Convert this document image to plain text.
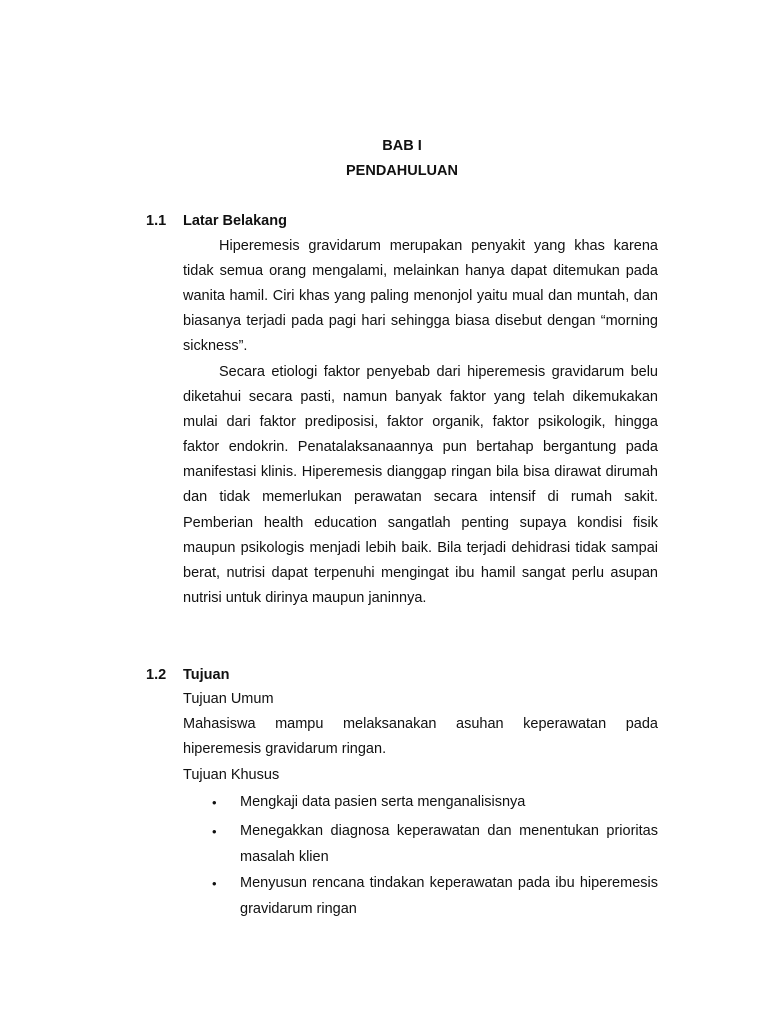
BAB I
PENDAHULUAN
1.1 Latar Belakang

Hiperemesis gravidarum merupakan penyakit yang khas karena tidak semua orang mengalami, melainkan hanya dapat ditemukan pada wanita hamil. Ciri khas yang paling menonjol yaitu mual dan muntah, dan biasanya terjadi pada pagi hari sehingga biasa disebut dengan “morning sickness”.

Secara etiologi faktor penyebab dari hiperemesis gravidarum belu diketahui secara pasti, namun banyak faktor yang telah dikemukakan mulai dari faktor prediposisi, faktor organik, faktor psikologik, hingga faktor endokrin. Penatalaksanaannya pun bertahap bergantung pada manifestasi klinis. Hiperemesis dianggap ringan bila bisa dirawat dirumah dan tidak memerlukan perawatan secara intensif di rumah sakit. Pemberian health education sangatlah penting supaya kondisi fisik maupun psikologis menjadi lebih baik. Bila terjadi dehidrasi tidak sampai berat, nutrisi dapat terpenuhi mengingat ibu hamil sangat perlu asupan nutrisi untuk dirinya maupun janinnya.

1.2 Tujuan

Tujuan Umum

Mahasiswa mampu melaksanakan asuhan keperawatan pada hiperemesis gravidarum ringan.

Tujuan Khusus

•	Mengkaji data pasien serta menganalisisnya
•	Menegakkan diagnosa keperawatan dan menentukan prioritas masalah klien
•	Menyusun rencana tindakan keperawatan pada ibu hiperemesis gravidarum ringan
